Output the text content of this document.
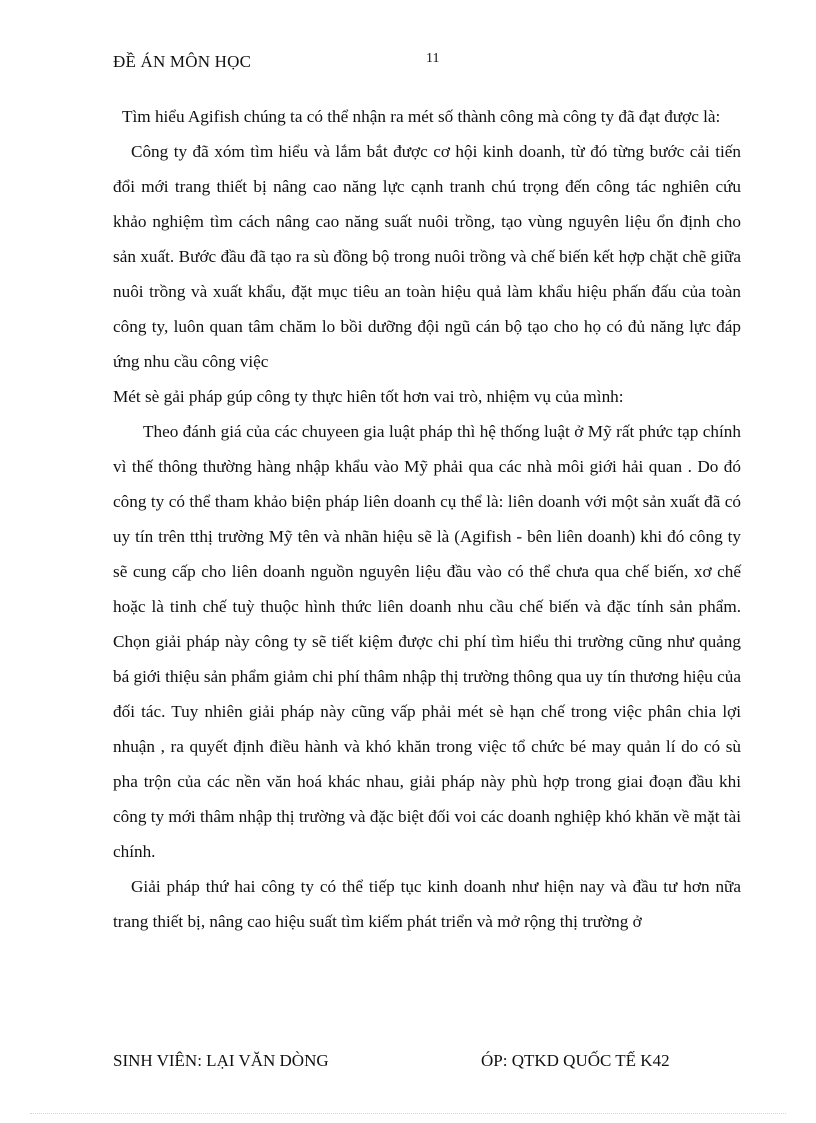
ĐỀ ÁN MÔN HỌC	11

Tìm hiểu Agifish chúng ta có thể nhận ra mét số thành công mà công ty đã đạt được là:

Công ty đã xóm tìm hiểu và lắm bắt được cơ hội kinh doanh, từ đó từng bước cải tiến đổi mới trang thiết bị nâng cao năng lực cạnh tranh chú trọng đến công tác nghiên cứu khảo nghiệm tìm cách nâng cao năng suất nuôi trồng, tạo vùng nguyên liệu ổn định cho sản xuất. Bước đầu đã tạo ra sù đồng bộ trong nuôi trồng và chế biến kết hợp chặt chẽ giữa nuôi trồng và xuất khẩu, đặt mục tiêu an toàn hiệu quả làm khẩu hiệu phấn đấu của toàn công ty, luôn quan tâm chăm lo bồi dưỡng đội ngũ cán bộ tạo cho họ có đủ năng lực đáp ứng nhu cầu công việc

Mét sè gải pháp gúp công ty thực hiên tốt hơn vai trò, nhiệm vụ của mình:

Theo đánh giá của các chuyeen gia luật pháp thì hệ thống luật ở Mỹ rất phức tạp chính vì thế thông thường hàng nhập khẩu vào Mỹ phải qua các nhà môi giới hải quan . Do đó công ty có thể tham khảo biện pháp liên doanh cụ thể là: liên doanh với một sản xuất đã có uy tín trên tthị trường Mỹ tên và nhãn hiệu sẽ là (Agifish - bên liên doanh) khi đó công ty sẽ cung cấp cho liên doanh nguồn nguyên liệu đầu vào có thể chưa qua chế biến, xơ chế hoặc là tinh chế tuỳ thuộc hình thức liên doanh nhu cầu chế biến và đặc tính sản phẩm. Chọn giải pháp này công ty sẽ tiết kiệm được chi phí tìm hiểu thi trường cũng như quảng bá giới thiệu sản phẩm giảm chi phí thâm nhập thị trường thông qua uy tín thương hiệu của đối tác. Tuy nhiên giải pháp này cũng vấp phải mét sè hạn chế trong việc phân chia lợi nhuận , ra quyết định điều hành và khó khăn trong việc tổ chức bé may quản lí do có sù pha trộn của các nền văn hoá khác nhau, giải pháp này phù hợp trong giai đoạn đầu khi công ty mới thâm nhập thị trường và đặc biệt đối voi các doanh nghiệp khó khăn về mặt tài chính.

Giải pháp thứ hai công ty có thể tiếp tục kinh doanh như hiện nay và đầu tư hơn nữa trang thiết bị, nâng cao hiệu suất tìm kiếm phát triển và mở rộng thị trường ở

SINH VIÊN: LẠI VĂN DÒNG	ÓP: QTKD QUỐC TẾ K42
